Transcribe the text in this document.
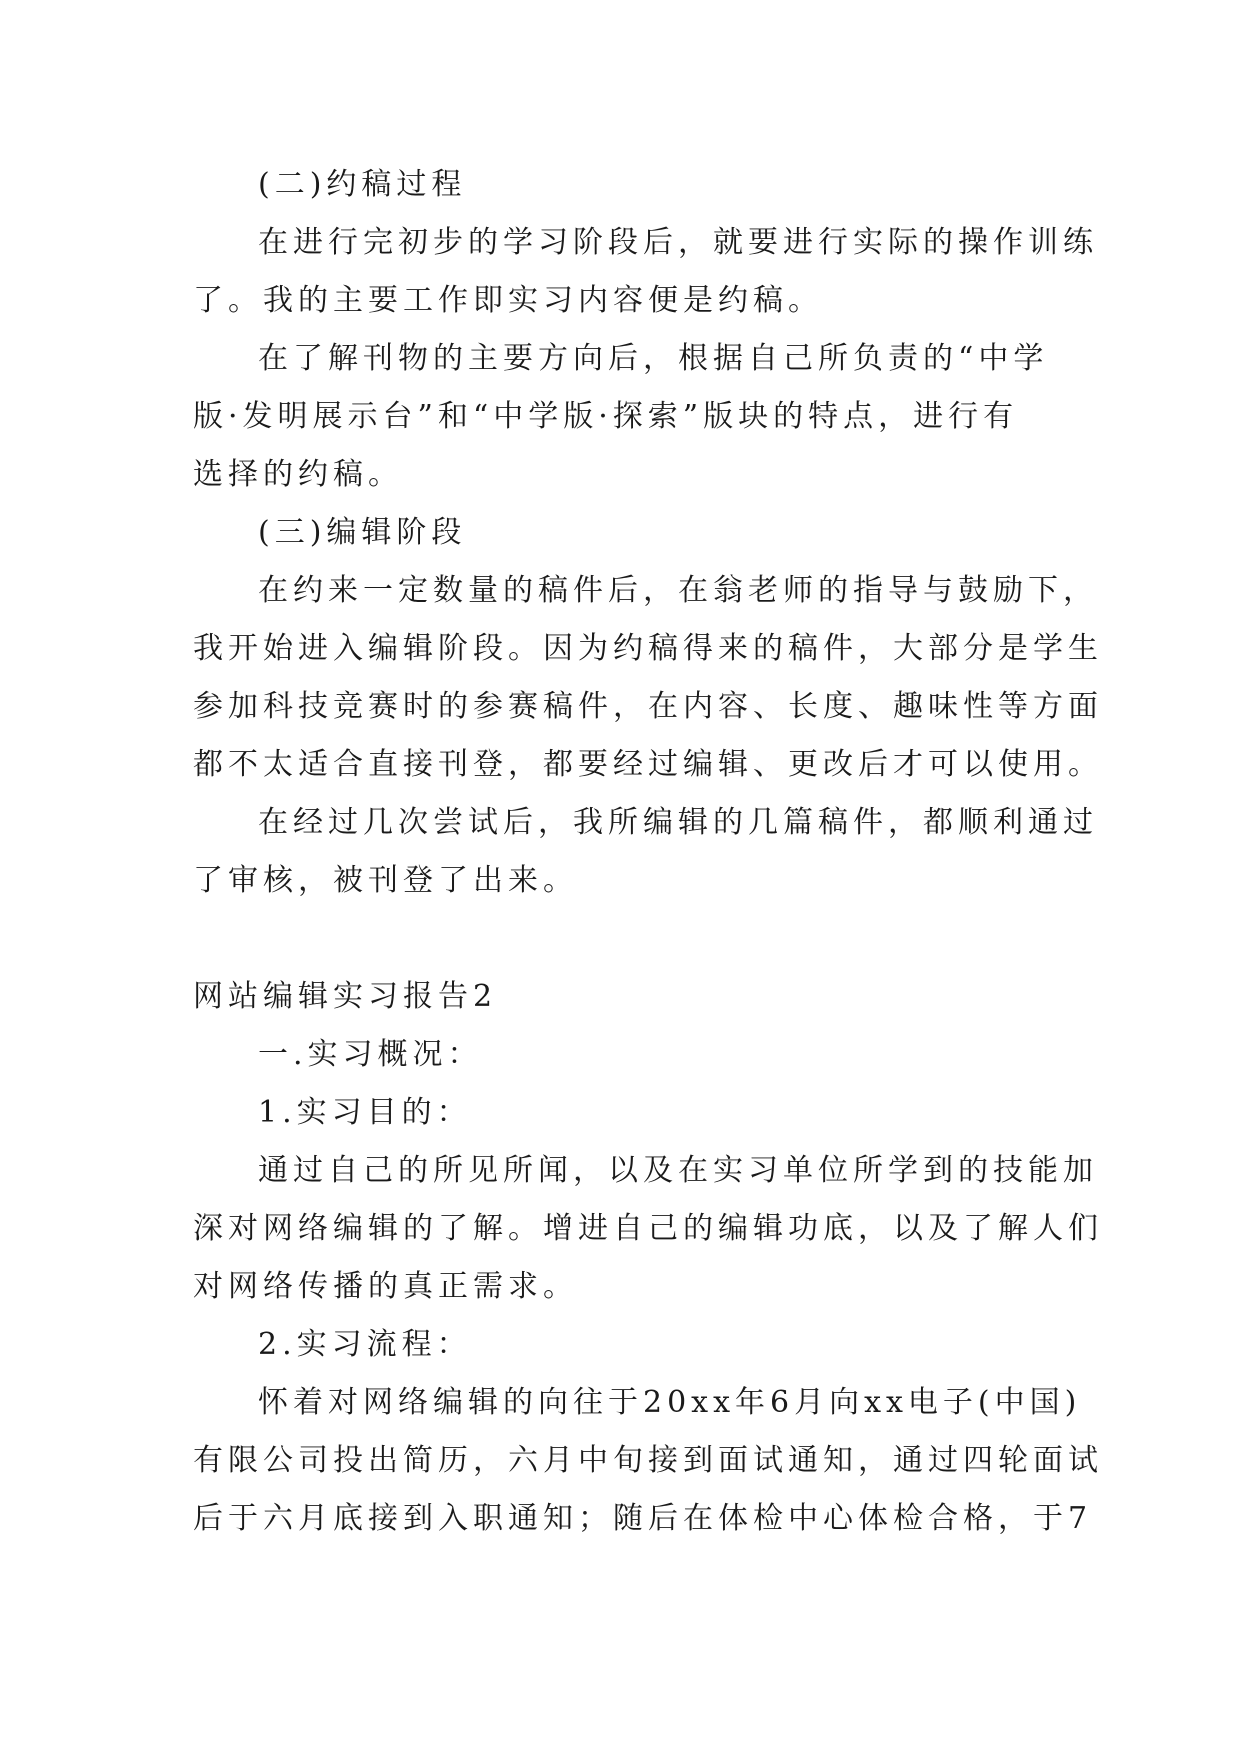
(二)约稿过程
在进行完初步的学习阶段后，就要进行实际的操作训练
了。我的主要工作即实习内容便是约稿。
在了解刊物的主要方向后，根据自己所负责的“中学
版·发明展示台”和“中学版·探索”版块的特点，进行有
选择的约稿。
(三)编辑阶段
在约来一定数量的稿件后，在翁老师的指导与鼓励下，
我开始进入编辑阶段。因为约稿得来的稿件，大部分是学生
参加科技竞赛时的参赛稿件，在内容、长度、趣味性等方面
都不太适合直接刊登，都要经过编辑、更改后才可以使用。
在经过几次尝试后，我所编辑的几篇稿件，都顺利通过
了审核，被刊登了出来。
网站编辑实习报告2
一.实习概况：
1.实习目的：
通过自己的所见所闻，以及在实习单位所学到的技能加
深对网络编辑的了解。增进自己的编辑功底，以及了解人们
对网络传播的真正需求。
2.实习流程：
怀着对网络编辑的向往于20xx年6月向xx电子(中国)
有限公司投出简历，六月中旬接到面试通知，通过四轮面试
后于六月底接到入职通知；随后在体检中心体检合格，于7
